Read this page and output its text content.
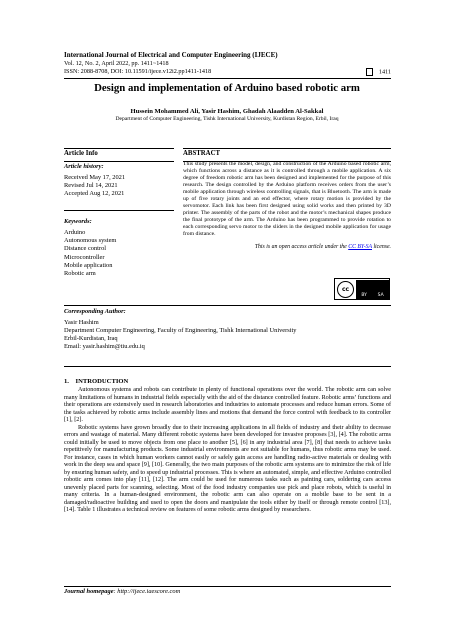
International Journal of Electrical and Computer Engineering (IJECE)
Vol. 12, No. 2, April 2022, pp. 1411~1418
ISSN: 2088-8708, DOI: 10.11591/ijece.v12i2.pp1411-1418	1411
Design and implementation of Arduino based robotic arm
Hussein Mohammed Ali, Yasir Hashim, Ghadah Alaadden Al-Sakkal
Department of Computer Engineering, Tishk International University, Kurdistan Region, Erbil, Iraq
Article Info
Article history:
Received May 17, 2021
Revised Jul 14, 2021
Accepted Aug 12, 2021
Keywords:
Arduino
Autonomous system
Distance control
Microcontroller
Mobile application
Robotic arm
ABSTRACT
This study presents the model, design, and construction of the Arduino based robotic arm, which functions across a distance as it is controlled through a mobile application. A six degree of freedom robotic arm has been designed and implemented for the purpose of this research. The design controlled by the Arduino platform receives orders from the user’s mobile application through wireless controlling signals, that is Bluetooth. The arm is made up of five rotary joints and an end effector, where rotary motion is provided by the servomotor. Each link has been first designed using solid works and then printed by 3D printer. The assembly of the parts of the robot and the motor’s mechanical shapes produce the final prototype of the arm. The Arduino has been programmed to provide rotation to each corresponding servo motor to the sliders in the designed mobile application for usage from distance.
This is an open access article under the CC BY-SA license.
cc
BY SA
Corresponding Author:
Yasir Hashim
Department Computer Engineering, Faculty of Engineering, Tishk International University
Erbil-Kurdistan, Iraq
Email: yasir.hashim@tiu.edu.iq
1. INTRODUCTION

Autonomous systems and robots can contribute in plenty of functional operations over the world. The robotic arm can solve many limitations of humans in industrial fields especially with the aid of the distance controlled feature. Robotic arms’ functions and their operations are extensively used in research laboratories and industries to automate processes and reduce human errors. Some of the tasks achieved by robotic arms include assembly lines and motions that demand the force control with feedback to its controller [1], [2].

Robotic systems have grown broadly due to their increasing applications in all fields of industry and their ability to decrease errors and wastage of material. Many different robotic systems have been developed for invasive proposes [3], [4]. The robotic arms could initially be used to move objects from one place to another [5], [6] in any industrial area [7], [8] that needs to achieve tasks repetitively for manufacturing products. Some industrial environments are not suitable for humans, thus robotic arms may be used. For instance, cases in which human workers cannot easily or safely gain access are handling radio-active materials or dealing with work in the deep sea and space [9], [10]. Generally, the two main purposes of the robotic arm systems are to minimize the risk of life by ensuring human safety, and to speed up industrial processes. This is where an automated, simple, and effective Arduino controlled robotic arm comes into play [11], [12]. The arm could be used for numerous tasks such as painting cars, soldering cars access unevenly placed parts for scanning, selecting. Most of the food industry companies use pick and place robots, which is useful in many criteria. In a human-designed environment, the robotic arm can also operate on a mobile base to be sent in a damaged/radioactive building and used to open the doors and manipulate the tools either by itself or through remote control [13], [14]. Table 1 illustrates a technical review on features of some robotic arms designed by researchers.

Journal homepage: http://ijece.iaescore.com
